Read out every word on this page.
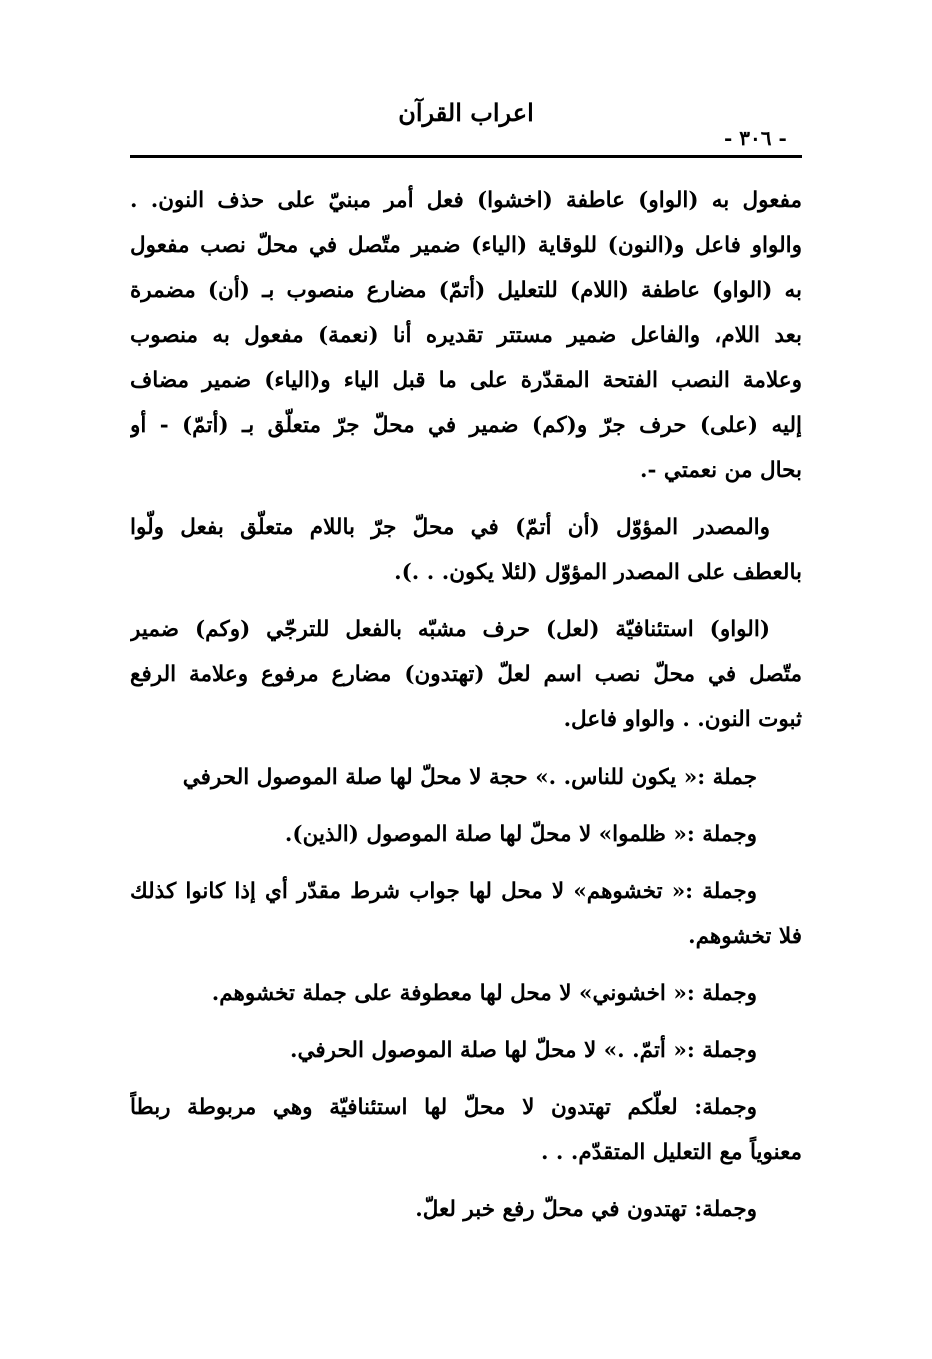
اعراب القرآن
- ٣٠٦ -
مفعول به (الواو) عاطفة (اخشوا) فعل أمر مبنيّ على حذف النون. .
والواو فاعل و(النون) للوقاية (الياء) ضمير متّصل في محلّ نصب مفعول
به (الواو) عاطفة (اللام) للتعليل (أتمّ) مضارع منصوب بـ (أن) مضمرة
بعد اللام، والفاعل ضمير مستتر تقديره أنا (نعمة) مفعول به منصوب
وعلامة النصب الفتحة المقدّرة على ما قبل الياء و(الياء) ضمير مضاف
إليه (على) حرف جرّ و(كم) ضمير في محلّ جرّ متعلّق بـ (أتمّ) - أو
بحال من نعمتي -.
والمصدر المؤوّل (أن أتمّ) في محلّ جرّ باللام متعلّق بفعل ولّوا
بالعطف على المصدر المؤوّل (لئلا يكون. . .).
(الواو) استئنافيّة (لعل) حرف مشبّه بالفعل للترجّي (وكم) ضمير
متّصل في محلّ نصب اسم لعلّ (تهتدون) مضارع مرفوع وعلامة الرفع
ثبوت النون. . والواو فاعل.
جملة :« يكون للناس. .» حجة لا محلّ لها صلة الموصول الحرفي
وجملة :« ظلموا» لا محلّ لها صلة الموصول (الذين).
وجملة :« تخشوهم» لا محل لها جواب شرط مقدّر أي إذا كانوا كذلك
فلا تخشوهم.
وجملة :« اخشوني» لا محل لها معطوفة على جملة تخشوهم.
وجملة :« أتمّ. .» لا محلّ لها صلة الموصول الحرفي.
وجملة: لعلّكم تهتدون لا محلّ لها استئنافيّة وهي مربوطة ربطاً
معنوياً مع التعليل المتقدّم. . .
وجملة: تهتدون في محلّ رفع خبر لعلّ.
